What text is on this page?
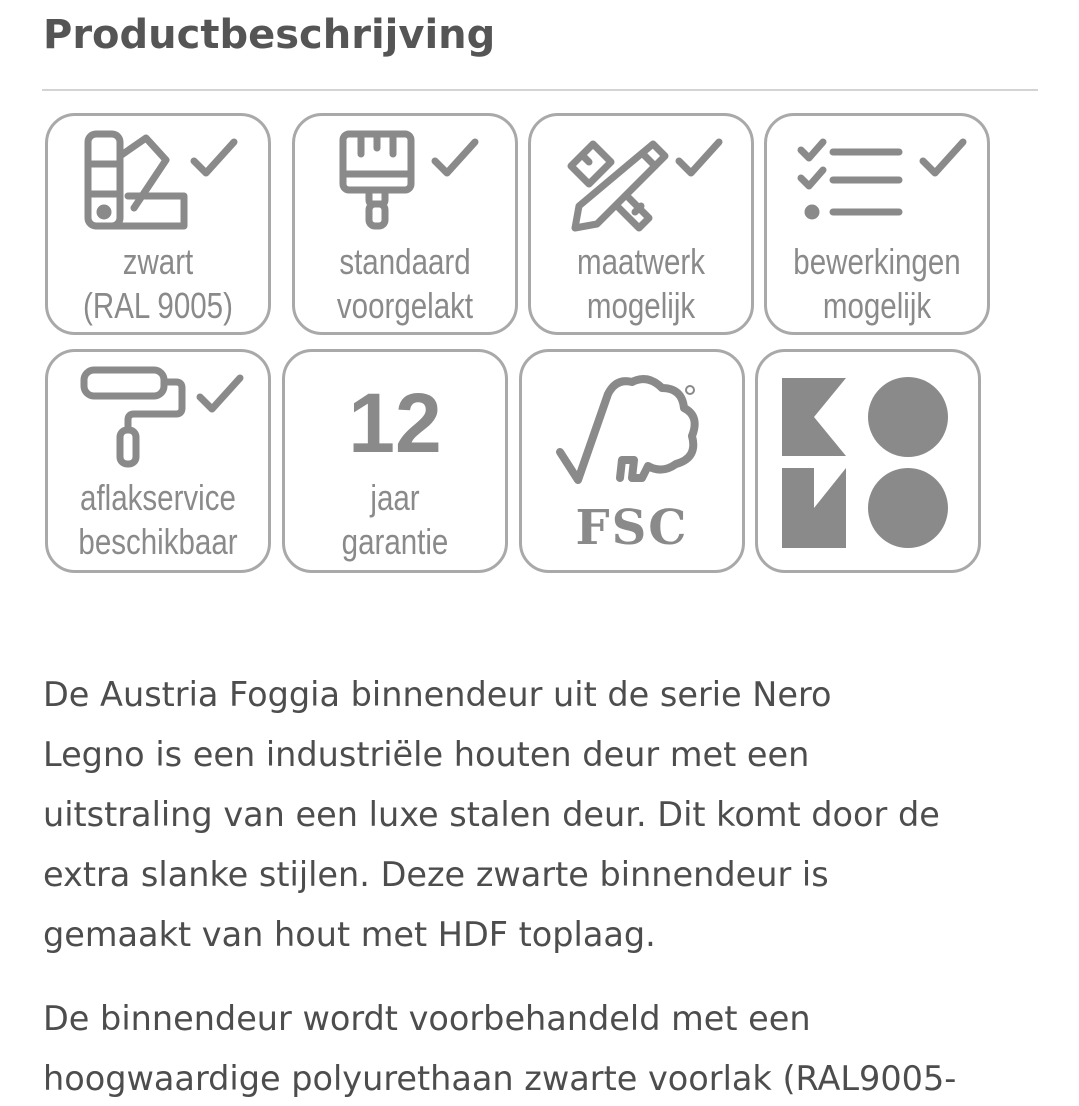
Productbeschrijving
zwart
(RAL 9005)
standaard
voorgelakt
maatwerk
mogelijk
bewerkingen
mogelijk
aflakservice
beschikbaar
12
jaar
garantie	FSC

De Austria Foggia binnendeur uit de serie Nero
Legno is een industriële houten deur met een
uitstraling van een luxe stalen deur. Dit komt door de
extra slanke stijlen. Deze zwarte binnendeur is
gemaakt van hout met HDF toplaag.

De binnendeur wordt voorbehandeld met een
hoogwaardige polyurethaan zwarte voorlak (RAL9005-
